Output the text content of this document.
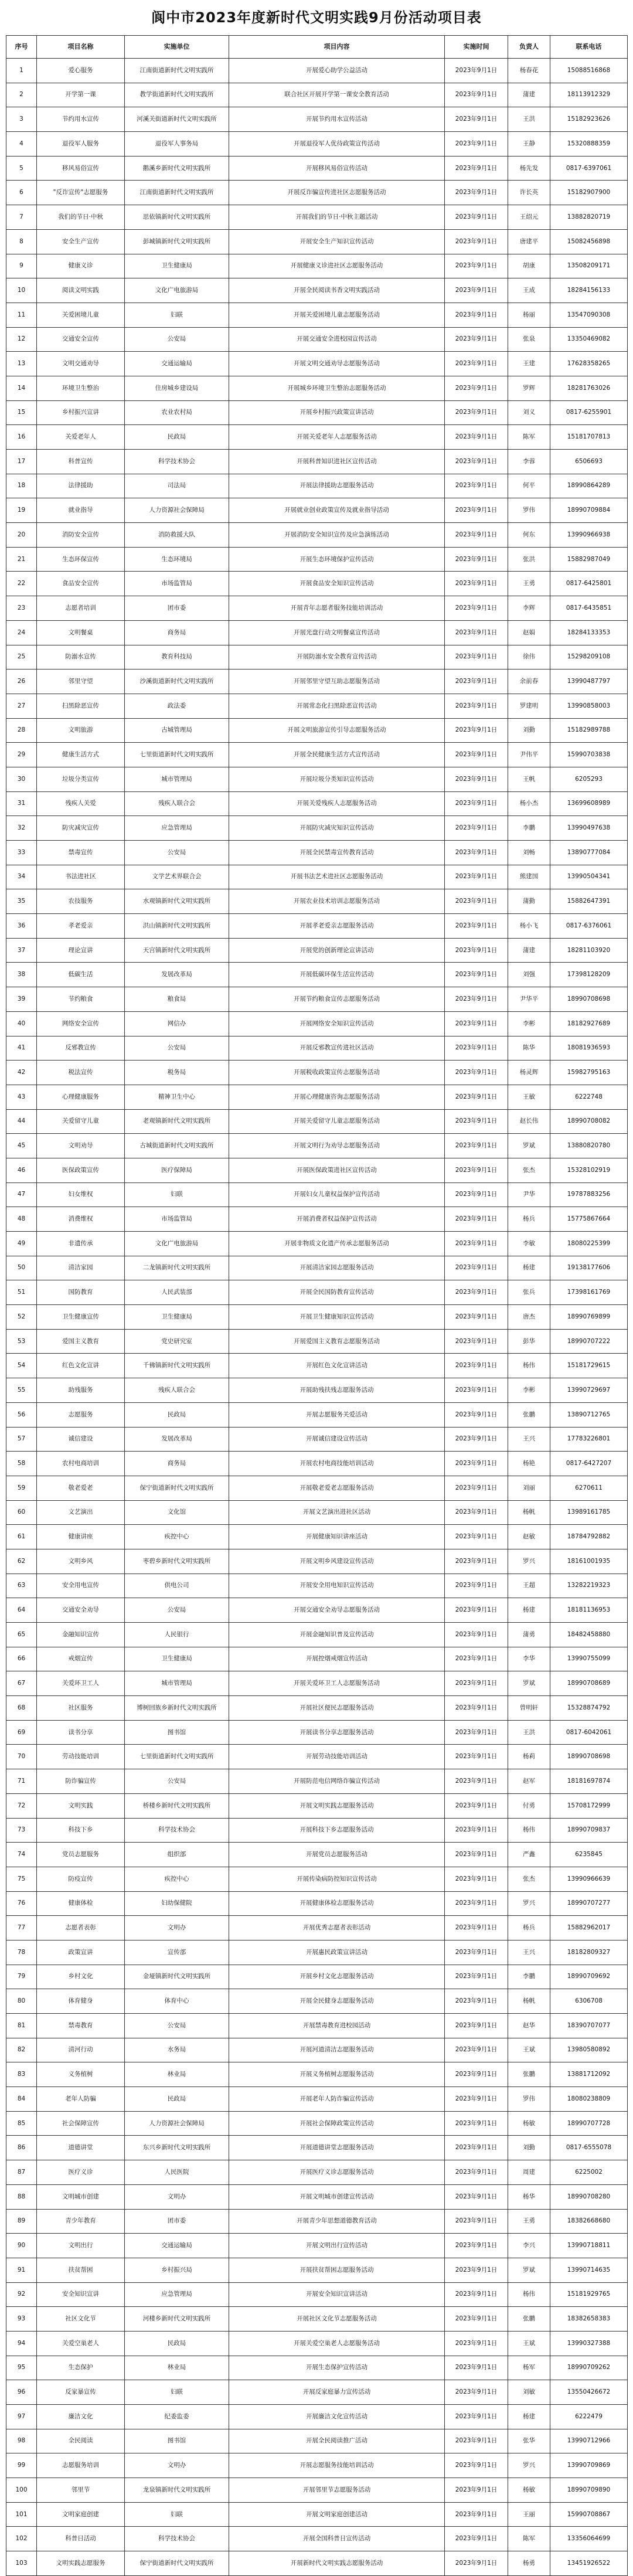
阆中市2023年度新时代文明实践9月份活动项目表
序号	项目名称	实施单位	项目内容	实施时间	负责人	联系电话
1	爱心服务	江南街道新时代文明实践所	开展爱心助学公益活动	2023年9月1日	杨春花	15088516868
2	开学第一课	教学街道新时代文明实践所	联合社区开展开学第一课安全教育活动	2023年9月1日	蒲建	18113912329
3	节约用水宣传	河溪关街道新时代文明实践所	开展节约用水宣传活动	2023年9月1日	王洪	15182923626
4	退役军人服务	退役军人事务局	开展退役军人优待政策宣传活动	2023年9月1日	王静	15320888359
5	移风易俗宣传	鹅溪乡新时代文明实践所	开展移风易俗宣传活动	2023年9月1日	杨先发	0817-6397061
6	"反诈宣传"志愿服务	江南街道新时代文明实践所	开展反诈骗宣传进社区志愿服务活动	2023年9月1日	许长英	15182907900
7	我们的节日·中秋	思依镇新时代文明实践所	开展我们的节日·中秋主题活动	2023年9月1日	王绍元	13882820719
8	安全生产宣传	彭城镇新时代文明实践所	开展安全生产知识宣传活动	2023年9月1日	唐建平	15082456898
9	健康义诊	卫生健康局	开展健康义诊进社区志愿服务活动	2023年9月1日	胡康	13508209171
10	阅读文明实践	文化广电旅游局	开展全民阅读书香文明实践活动	2023年9月1日	王成	18284156133
11	关爱困境儿童	妇联	开展关爱困境儿童志愿服务活动	2023年9月1日	杨丽	13547090308
12	交通安全宣传	公安局	开展交通安全进校园宣传活动	2023年9月1日	张泉	13350469082
13	文明交通劝导	交通运输局	开展文明交通劝导志愿服务活动	2023年9月1日	王建	17628358265
14	环境卫生整治	住房城乡建设局	开展城乡环境卫生整治志愿服务活动	2023年9月1日	罗辉	18281763026
15	乡村振兴宣讲	农业农村局	开展乡村振兴政策宣讲活动	2023年9月1日	刘义	0817-6255901
16	关爱老年人	民政局	开展关爱老年人志愿服务活动	2023年9月1日	陈军	15181707813
17	科普宣传	科学技术协会	开展科普知识进社区宣传活动	2023年9月1日	李蓉	6506693
18	法律援助	司法局	开展法律援助志愿服务活动	2023年9月1日	何平	18990864289
19	就业指导	人力资源社会保障局	开展就业创业政策宣传及就业指导活动	2023年9月1日	罗伟	18990709884
20	消防安全宣传	消防救援大队	开展消防安全知识宣传及应急演练活动	2023年9月1日	何东	13990966938
21	生态环保宣传	生态环境局	开展生态环境保护宣传活动	2023年9月1日	张洪	15882987049
22	食品安全宣传	市场监管局	开展食品安全知识宣传活动	2023年9月1日	王勇	0817-6425801
23	志愿者培训	团市委	开展青年志愿者服务技能培训活动	2023年9月1日	李辉	0817-6435851
24	文明餐桌	商务局	开展光盘行动文明餐桌宣传活动	2023年9月1日	赵娟	18284133353
25	防溺水宣传	教育科技局	开展防溺水安全教育宣传活动	2023年9月1日	徐伟	15298209108
26	邻里守望	沙溪街道新时代文明实践所	开展邻里守望互助志愿服务活动	2023年9月1日	余前春	13990487797
27	扫黑除恶宣传	政法委	开展常态化扫黑除恶宣传活动	2023年9月1日	罗建明	13990858003
28	文明旅游	古城管理局	开展文明旅游宣传引导志愿服务活动	2023年9月1日	刘勤	15182989788
29	健康生活方式	七里街道新时代文明实践所	开展全民健康生活方式宣传活动	2023年9月1日	尹伟平	15990703838
30	垃圾分类宣传	城市管理局	开展垃圾分类知识宣传活动	2023年9月1日	王帆	6205293
31	残疾人关爱	残疾人联合会	开展关爱残疾人志愿服务活动	2023年9月1日	杨小杰	13699608989
32	防灾减灾宣传	应急管理局	开展防灾减灾知识宣传活动	2023年9月1日	李鹏	13990497638
33	禁毒宣传	公安局	开展全民禁毒宣传教育活动	2023年9月1日	刘畅	13890777084
34	书法进社区	文学艺术界联合会	开展书法艺术进社区志愿服务活动	2023年9月1日	熊建国	13990504341
35	农技服务	水观镇新时代文明实践所	开展农业技术培训志愿服务活动	2023年9月1日	蒲勤	15882647391
36	孝老爱亲	洪山镇新时代文明实践所	开展孝老爱亲志愿服务活动	2023年9月1日	杨小飞	0817-6376061
37	理论宣讲	天宫镇新时代文明实践所	开展党的创新理论宣讲活动	2023年9月1日	蒲建	18281103920
38	低碳生活	发展改革局	开展低碳环保生活宣传活动	2023年9月1日	刘强	17398128209
39	节约粮食	粮食局	开展节约粮食宣传志愿服务活动	2023年9月1日	尹华平	18990708698
40	网络安全宣传	网信办	开展网络安全知识宣传活动	2023年9月1日	李彬	18182927689
41	反邪教宣传	公安局	开展反邪教宣传进社区活动	2023年9月1日	陈华	18081936593
42	税法宣传	税务局	开展税收政策宣传志愿服务活动	2023年9月1日	杨灵辉	15982795163
43	心理健康服务	精神卫生中心	开展心理健康咨询志愿服务活动	2023年9月1日	王敏	6222748
44	关爱留守儿童	老观镇新时代文明实践所	开展关爱留守儿童志愿服务活动	2023年9月1日	赵长伟	18990708082
45	文明劝导	古城街道新时代文明实践所	开展文明行为劝导志愿服务活动	2023年9月1日	罗斌	13880820780
46	医保政策宣传	医疗保障局	开展医保政策进社区宣传活动	2023年9月1日	张杰	15328102919
47	妇女维权	妇联	开展妇女儿童权益保护宣传活动	2023年9月1日	尹华	19787883256
48	消费维权	市场监管局	开展消费者权益保护宣传活动	2023年9月1日	杨兵	15775867664
49	非遗传承	文化广电旅游局	开展非物质文化遗产传承志愿服务活动	2023年9月1日	李敏	18080225399
50	清洁家园	二龙镇新时代文明实践所	开展清洁家园志愿服务活动	2023年9月1日	杨建	19138177606
51	国防教育	人民武装部	开展全民国防教育宣传活动	2023年9月1日	张兵	17398161769
52	卫生健康宣传	卫生健康局	开展卫生健康知识宣传活动	2023年9月1日	唐杰	18990769899
53	爱国主义教育	党史研究室	开展爱国主义教育志愿服务活动	2023年9月1日	彭华	18990707222
54	红色文化宣讲	千佛镇新时代文明实践所	开展红色文化宣讲活动	2023年9月1日	杨伟	15181729615
55	助残服务	残疾人联合会	开展助残扶残志愿服务活动	2023年9月1日	李彬	13990729697
56	志愿服务	民政局	开展志愿服务关爱活动	2023年9月1日	张鹏	13890712765
57	诚信建设	发展改革局	开展诚信建设宣传活动	2023年9月1日	王兴	17783226801
58	农村电商培训	商务局	开展农村电商技能培训活动	2023年9月1日	杨艳	0817-6427207
59	敬老爱老	保宁街道新时代文明实践所	开展敬老爱老志愿服务活动	2023年9月1日	刘丽	6270611
60	文艺演出	文化馆	开展文艺演出进社区活动	2023年9月1日	杨帆	13989161785
61	健康讲座	疾控中心	开展健康知识讲座活动	2023年9月1日	赵敏	18784792882
62	文明乡风	枣碧乡新时代文明实践所	开展文明乡风建设宣传活动	2023年9月1日	罗兴	18161001935
63	安全用电宣传	供电公司	开展安全用电知识宣传活动	2023年9月1日	王超	13282219323
64	交通安全劝导	公安局	开展交通安全劝导志愿服务活动	2023年9月1日	杨建	18181136953
65	金融知识宣传	人民银行	开展金融知识普及宣传活动	2023年9月1日	蒲勇	18482458880
66	戒烟宣传	卫生健康局	开展控烟戒烟宣传活动	2023年9月1日	李华	13990755099
67	关爱环卫工人	城市管理局	开展关爱环卫工人志愿服务活动	2023年9月1日	罗斌	18990708689
68	社区服务	博树回族乡新时代文明实践所	开展社区便民志愿服务活动	2023年9月1日	曾明轩	15328874792
69	读书分享	图书馆	开展读书分享志愿服务活动	2023年9月1日	王洪	0817-6042061
70	劳动技能培训	七里街道新时代文明实践所	开展劳动技能培训活动	2023年9月1日	杨莉	18990708698
71	防诈骗宣传	公安局	开展防范电信网络诈骗宣传活动	2023年9月1日	赵军	18181697874
72	文明实践	桥楼乡新时代文明实践所	开展文明实践志愿服务活动	2023年9月1日	付勇	15708172999
73	科技下乡	科学技术协会	开展科技下乡志愿服务活动	2023年9月1日	杨伟	18990709837
74	党员志愿服务	组织部	开展党员志愿服务活动	2023年9月1日	严鑫	6235845
75	防疫宣传	疾控中心	开展传染病防控知识宣传活动	2023年9月1日	张杰	13990966639
76	健康体检	妇幼保健院	开展健康体检志愿服务活动	2023年9月1日	罗兴	18990707277
77	志愿者表彰	文明办	开展优秀志愿者表彰活动	2023年9月1日	杨兵	15882962017
78	政策宣讲	宣传部	开展惠民政策宣讲活动	2023年9月1日	王兴	18182809327
79	乡村文化	金垭镇新时代文明实践所	开展乡村文化志愿服务活动	2023年9月1日	李鹏	18990709692
80	体育健身	体育中心	开展全民健身志愿服务活动	2023年9月1日	杨帆	6306708
81	禁毒教育	公安局	开展禁毒教育进校园活动	2023年9月1日	赵华	18390707077
82	清河行动	水务局	开展河道清洁志愿服务活动	2023年9月1日	王斌	13980580892
83	义务植树	林业局	开展义务植树志愿服务活动	2023年9月1日	张鹏	13881712092
84	老年人防骗	民政局	开展老年人防诈骗宣传活动	2023年9月1日	罗伟	18080238809
85	社会保障宣传	人力资源社会保障局	开展社会保障政策宣传活动	2023年9月1日	杨敏	18990707728
86	道德讲堂	东兴乡新时代文明实践所	开展道德讲堂志愿服务活动	2023年9月1日	刘勤	0817-6555078
87	医疗义诊	人民医院	开展医疗义诊志愿服务活动	2023年9月1日	周建	6225002
88	文明城市创建	文明办	开展文明城市创建宣传活动	2023年9月1日	杨华	18990708280
89	青少年教育	团市委	开展青少年思想道德教育活动	2023年9月1日	王勇	18382668680
90	文明出行	交通运输局	开展文明出行宣传活动	2023年9月1日	李兴	13990718811
91	扶贫帮困	乡村振兴局	开展扶贫帮困志愿服务活动	2023年9月1日	罗斌	13990714635
92	安全知识宣讲	应急管理局	开展安全知识宣讲活动	2023年9月1日	杨伟	15181929765
93	社区文化节	河楼乡新时代文明实践所	开展社区文化节志愿服务活动	2023年9月1日	张鹏	18382658383
94	关爱空巢老人	民政局	开展关爱空巢老人志愿服务活动	2023年9月1日	王斌	13990327388
95	生态保护	林业局	开展生态保护宣传活动	2023年9月1日	杨军	18990709262
96	反家暴宣传	妇联	开展反家庭暴力宣传活动	2023年9月1日	刘敏	13550426672
97	廉洁文化	纪委监委	开展廉洁文化宣传活动	2023年9月1日	杨建	6222479
98	全民阅读	图书馆	开展全民阅读推广活动	2023年9月1日	张华	13990712966
99	志愿服务培训	文明办	开展志愿服务技能培训活动	2023年9月1日	罗兴	13990709869
100	邻里节	龙泉镇新时代文明实践所	开展邻里节志愿服务活动	2023年9月1日	杨敏	18990709890
101	文明家庭创建	妇联	开展文明家庭创建活动	2023年9月1日	王丽	15990708867
102	科普日活动	科学技术协会	开展全国科普日宣传活动	2023年9月1日	陈军	13356064699
103	文明实践志愿服务	保宁街道新时代文明实践所	开展新时代文明实践志愿服务活动	2023年9月1日	杨勇	13451926522
